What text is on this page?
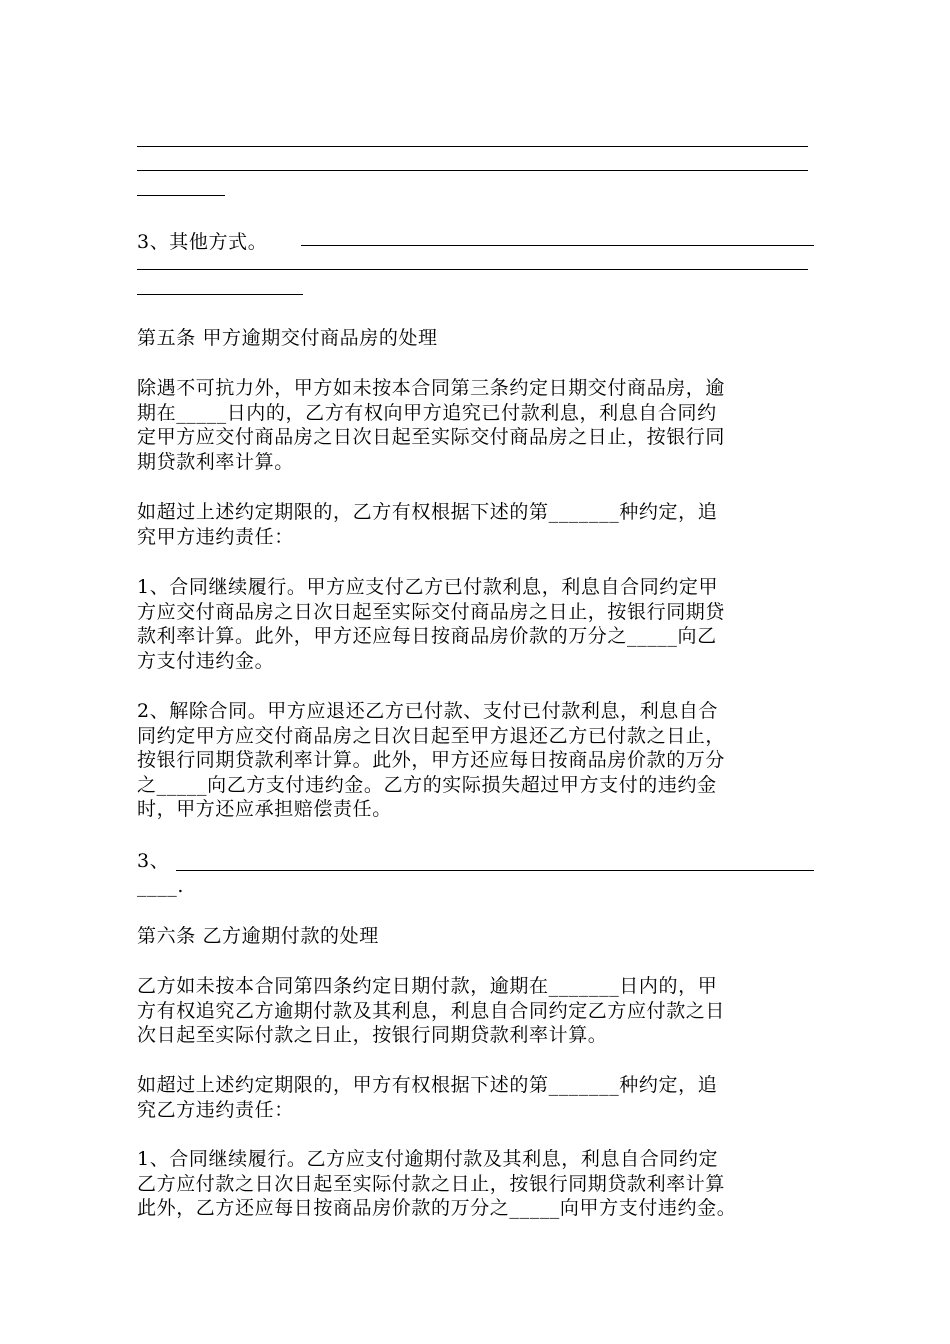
3、其他方式。
第五条 甲方逾期交付商品房的处理
除遇不可抗力外，甲方如未按本合同第三条约定日期交付商品房，逾
期在_____日内的，乙方有权向甲方追究已付款利息，利息自合同约
定甲方应交付商品房之日次日起至实际交付商品房之日止，按银行同
期贷款利率计算。
如超过上述约定期限的，乙方有权根据下述的第_______种约定，追
究甲方违约责任：
1、合同继续履行。甲方应支付乙方已付款利息，利息自合同约定甲
方应交付商品房之日次日起至实际交付商品房之日止，按银行同期贷
款利率计算。此外，甲方还应每日按商品房价款的万分之_____向乙
方支付违约金。
2、解除合同。甲方应退还乙方已付款、支付已付款利息，利息自合
同约定甲方应交付商品房之日次日起至甲方退还乙方已付款之日止，
按银行同期贷款利率计算。此外，甲方还应每日按商品房价款的万分
之_____向乙方支付违约金。乙方的实际损失超过甲方支付的违约金
时，甲方还应承担赔偿责任。
3、
____.
第六条 乙方逾期付款的处理
乙方如未按本合同第四条约定日期付款，逾期在_______日内的，甲
方有权追究乙方逾期付款及其利息，利息自合同约定乙方应付款之日
次日起至实际付款之日止，按银行同期贷款利率计算。
如超过上述约定期限的，甲方有权根据下述的第_______种约定，追
究乙方违约责任：
1、合同继续履行。乙方应支付逾期付款及其利息，利息自合同约定
乙方应付款之日次日起至实际付款之日止，按银行同期贷款利率计算
此外，乙方还应每日按商品房价款的万分之_____向甲方支付违约金。
